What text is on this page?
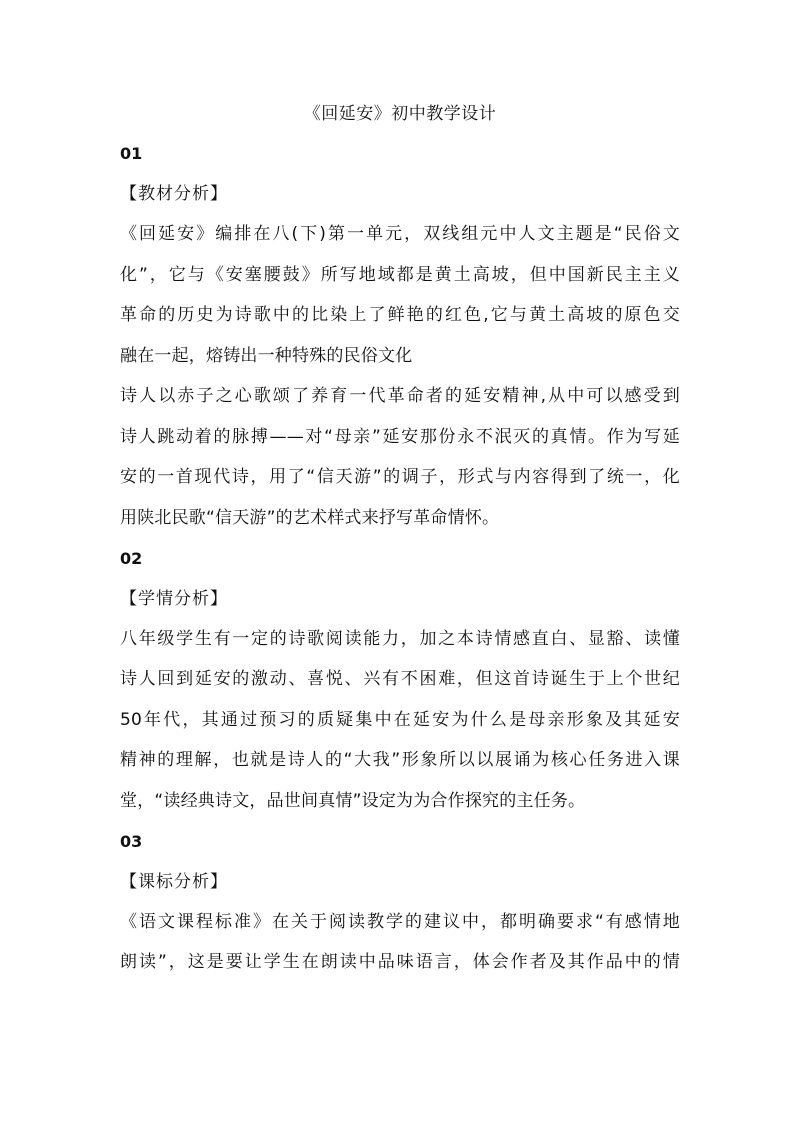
《回延安》初中教学设计
01
【教材分析】
《回延安》编排在八(下)第一单元，双线组元中人文主题是“民俗文
化”，它与《安塞腰鼓》所写地域都是黄土高坡，但中国新民主主义
革命的历史为诗歌中的比染上了鲜艳的红色,它与黄土高坡的原色交
融在一起，熔铸出一种特殊的民俗文化
诗人以赤子之心歌颂了养育一代革命者的延安精神,从中可以感受到
诗人跳动着的脉搏——对“母亲”延安那份永不泯灭的真情。作为写延
安的一首现代诗，用了“信天游”的调子，形式与内容得到了统一，化
用陕北民歌“信天游”的艺术样式来抒写革命情怀。
02
【学情分析】
八年级学生有一定的诗歌阅读能力，加之本诗情感直白、显豁、读懂
诗人回到延安的激动、喜悦、兴有不困难，但这首诗诞生于上个世纪
50年代，其通过预习的质疑集中在延安为什么是母亲形象及其延安
精神的理解，也就是诗人的“大我”形象所以以展诵为核心任务进入课
堂，“读经典诗文，品世间真情”设定为为合作探究的主任务。
03
【课标分析】
《语文课程标准》在关于阅读教学的建议中，都明确要求“有感情地
朗读”，这是要让学生在朗读中品味语言，体会作者及其作品中的情
